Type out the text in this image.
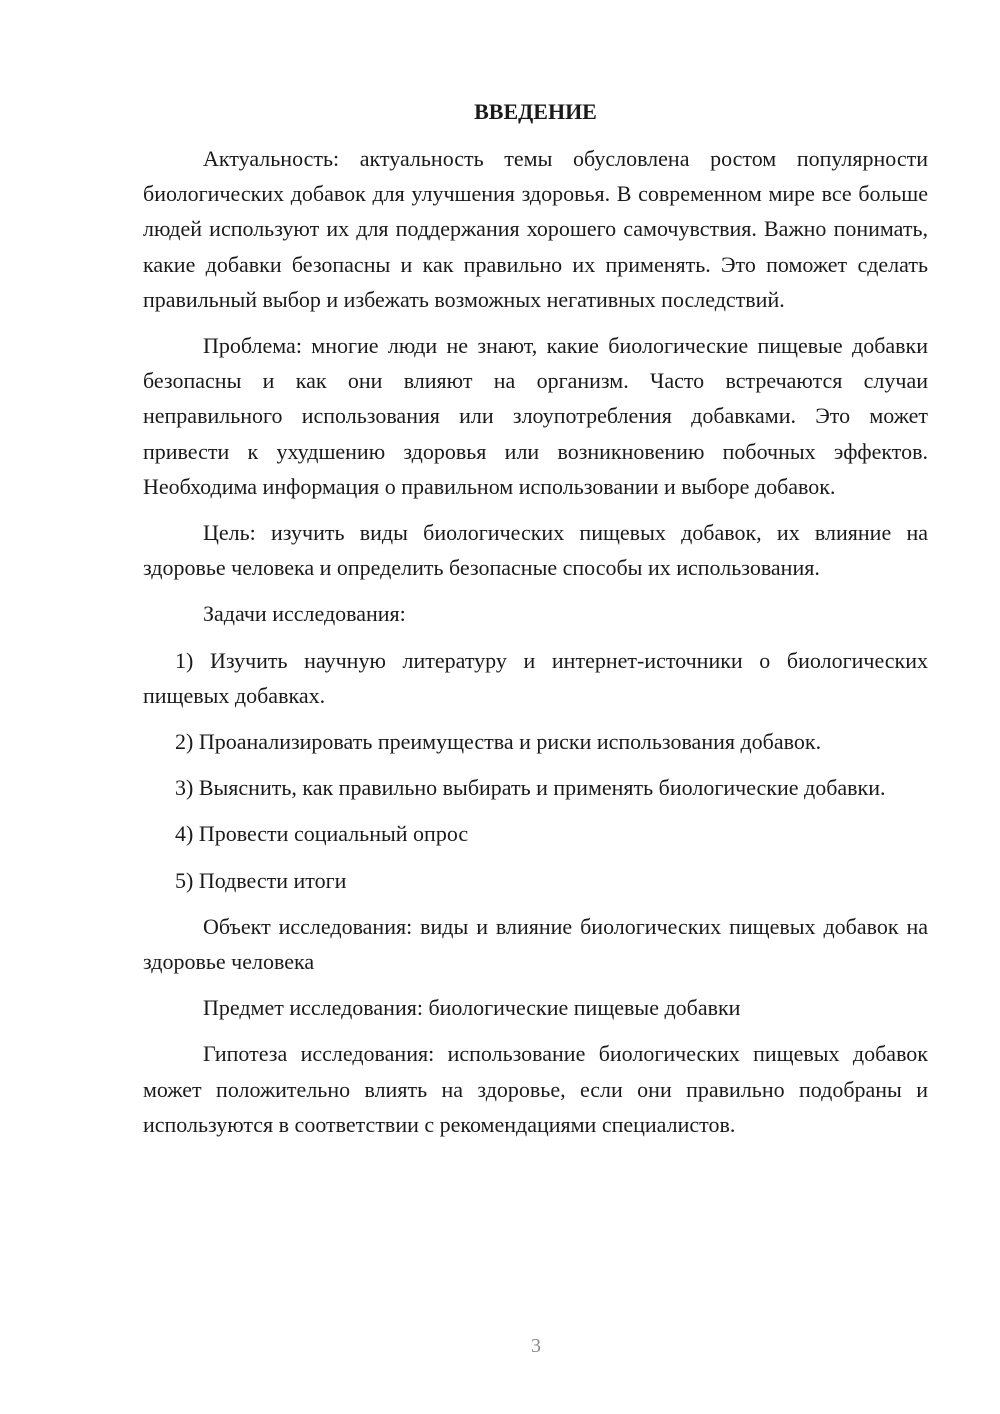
ВВЕДЕНИЕ

Актуальность: актуальность темы обусловлена ростом популярности биологических добавок для улучшения здоровья. В современном мире все больше людей используют их для поддержания хорошего самочувствия. Важно понимать, какие добавки безопасны и как правильно их применять. Это поможет сделать правильный выбор и избежать возможных негативных последствий.

Проблема: многие люди не знают, какие биологические пищевые добавки безопасны и как они влияют на организм. Часто встречаются случаи неправильного использования или злоупотребления добавками. Это может привести к ухудшению здоровья или возникновению побочных эффектов. Необходима информация о правильном использовании и выборе добавок.

Цель: изучить виды биологических пищевых добавок, их влияние на здоровье человека и определить безопасные способы их использования.

Задачи исследования:

1) Изучить научную литературу и интернет-источники о биологических пищевых добавках.

2) Проанализировать преимущества и риски использования добавок.

3) Выяснить, как правильно выбирать и применять биологические добавки.

4) Провести социальный опрос

5) Подвести итоги

Объект исследования: виды и влияние биологических пищевых добавок на здоровье человека

Предмет исследования: биологические пищевые добавки

Гипотеза исследования: использование биологических пищевых добавок может положительно влиять на здоровье, если они правильно подобраны и используются в соответствии с рекомендациями специалистов.

3
